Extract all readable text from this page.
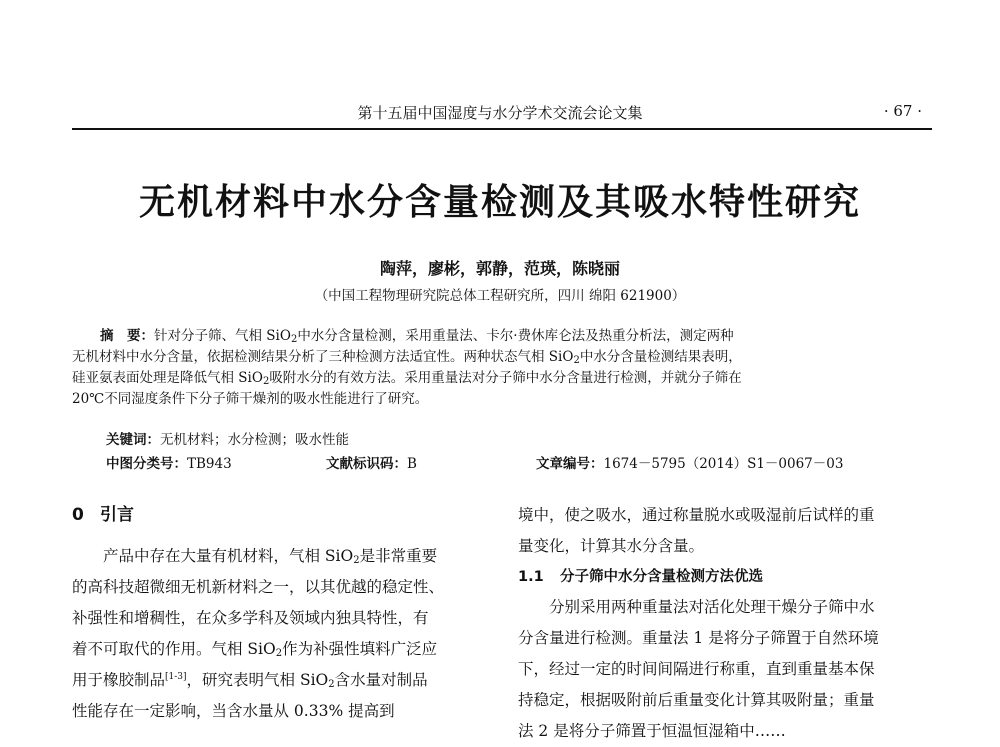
第十五届中国湿度与水分学术交流会论文集	· 67 ·
无机材料中水分含量检测及其吸水特性研究
陶萍，廖彬，郭静，范瑛，陈晓丽
（中国工程物理研究院总体工程研究所，四川 绵阳 621900）
摘　要：针对分子筛、气相 SiO$_2$中水分含量检测，采用重量法、卡尔·费休库仑法及热重分析法，测定两种
无机材料中水分含量，依据检测结果分析了三种检测方法适宜性。两种状态气相 SiO$_2$中水分含量检测结果表明，
硅亚氨表面处理是降低气相 SiO$_2$吸附水分的有效方法。采用重量法对分子筛中水分含量进行检测，并就分子筛在
20℃不同湿度条件下分子筛干燥剂的吸水性能进行了研究。
关键词：无机材料；水分检测；吸水性能
中图分类号：TB943	文献标识码：B	文章编号：1674－5795（2014）S1－0067－03
0 引言
产品中存在大量有机材料，气相 SiO$_2$是非常重要
的高科技超微细无机新材料之一，以其优越的稳定性、
补强性和增稠性，在众多学科及领域内独具特性，有
着不可取代的作用。气相 SiO$_2$作为补强性填料广泛应
用于橡胶制品[1-3]，研究表明气相 SiO$_2$含水量对制品
性能存在一定影响，当含水量从 0.33% 提高到
境中，使之吸水，通过称量脱水或吸湿前后试样的重
量变化，计算其水分含量。
1.1 分子筛中水分含量检测方法优选
分别采用两种重量法对活化处理干燥分子筛中水
分含量进行检测。重量法 1 是将分子筛置于自然环境
下，经过一定的时间间隔进行称重，直到重量基本保
持稳定，根据吸附前后重量变化计算其吸附量；重量
法 2 是将分子筛置于恒温恒湿箱中……
